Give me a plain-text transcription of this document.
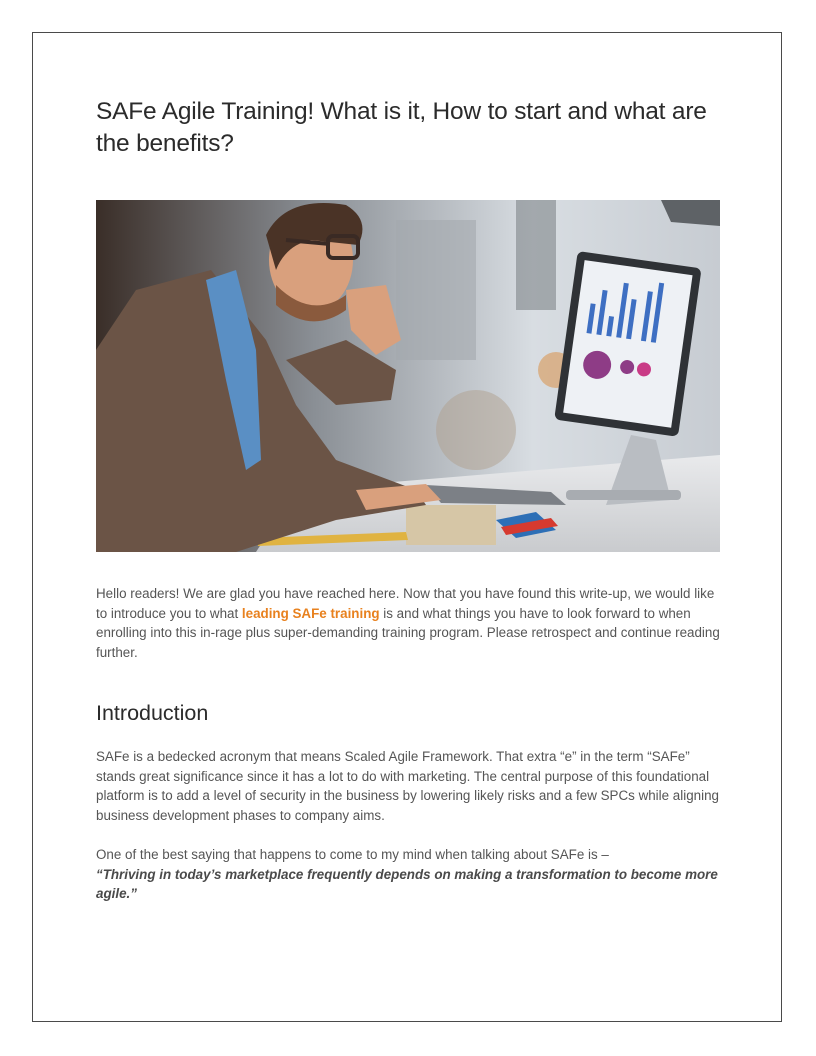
SAFe Agile Training! What is it, How to start and what are the benefits?

Hello readers! We are glad you have reached here. Now that you have found this write-up, we would like to introduce you to what leading SAFe training is and what things you have to look forward to when enrolling into this in-rage plus super-demanding training program. Please retrospect and continue reading further.

Introduction

SAFe is a bedecked acronym that means Scaled Agile Framework. That extra “e” in the term “SAFe” stands great significance since it has a lot to do with marketing. The central purpose of this foundational platform is to add a level of security in the business by lowering likely risks and a few SPCs while aligning business development phases to company aims.

One of the best saying that happens to come to my mind when talking about SAFe is –
“Thriving in today’s marketplace frequently depends on making a transformation to become more agile.”
